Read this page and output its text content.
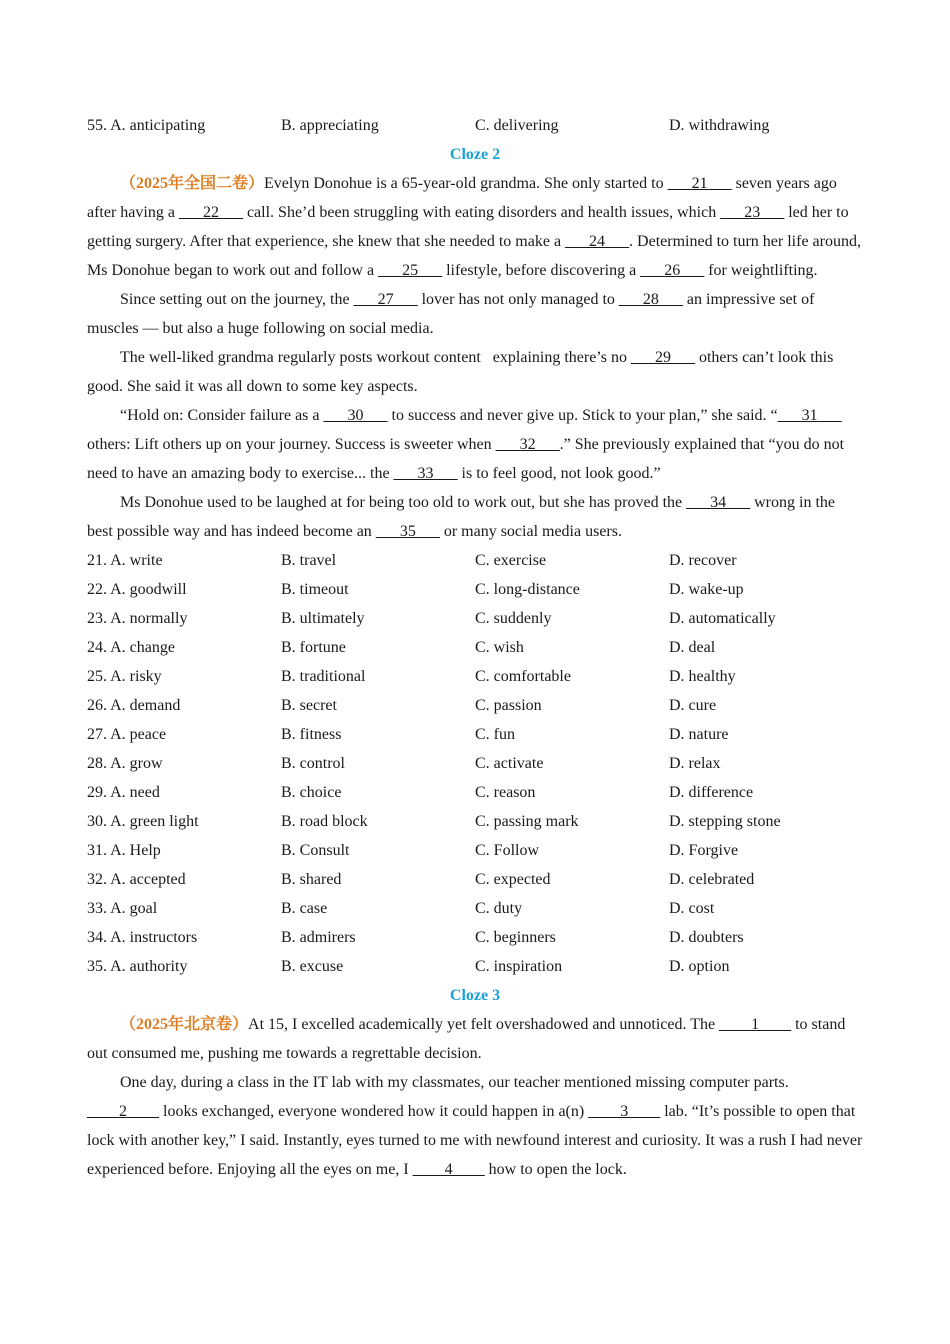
55. A. anticipating	B. appreciating	C. delivering	D. withdrawing
Cloze 2

（2025年全国二卷）Evelyn Donohue is a 65-year-old grandma. She only started to ___21___ seven years ago after having a ___22___ call. She’d been struggling with eating disorders and health issues, which ___23___ led her to getting surgery. After that experience, she knew that she needed to make a ___24___. Determined to turn her life around, Ms Donohue began to work out and follow a ___25___ lifestyle, before discovering a ___26___ for weightlifting.

Since setting out on the journey, the ___27___ lover has not only managed to ___28___ an impressive set of muscles — but also a huge following on social media.

The well-liked grandma regularly posts workout content   explaining there’s no ___29___ others can’t look this good. She said it was all down to some key aspects.

“Hold on: Consider failure as a ___30___ to success and never give up. Stick to your plan,” she said. “___31___ others: Lift others up on your journey. Success is sweeter when ___32___.” She previously explained that “you do not need to have an amazing body to exercise... the ___33___ is to feel good, not look good.”

Ms Donohue used to be laughed at for being too old to work out, but she has proved the ___34___ wrong in the best possible way and has indeed become an ___35___ or many social media users.

21. A. write	B. travel	C. exercise	D. recover
22. A. goodwill	B. timeout	C. long-distance	D. wake-up
23. A. normally	B. ultimately	C. suddenly	D. automatically
24. A. change	B. fortune	C. wish	D. deal
25. A. risky	B. traditional	C. comfortable	D. healthy
26. A. demand	B. secret	C. passion	D. cure
27. A. peace	B. fitness	C. fun	D. nature
28. A. grow	B. control	C. activate	D. relax
29. A. need	B. choice	C. reason	D. difference
30. A. green light	B. road block	C. passing mark	D. stepping stone
31. A. Help	B. Consult	C. Follow	D. Forgive
32. A. accepted	B. shared	C. expected	D. celebrated
33. A. goal	B. case	C. duty	D. cost
34. A. instructors	B. admirers	C. beginners	D. doubters
35. A. authority	B. excuse	C. inspiration	D. option
Cloze 3

（2025年北京卷）At 15, I excelled academically yet felt overshadowed and unnoticed. The ____1____ to stand out consumed me, pushing me towards a regrettable decision.

One day, during a class in the IT lab with my classmates, our teacher mentioned missing computer parts. ____2____ looks exchanged, everyone wondered how it could happen in a(n) ____3____ lab. “It’s possible to open that lock with another key,” I said. Instantly, eyes turned to me with newfound interest and curiosity. It was a rush I had never experienced before. Enjoying all the eyes on me, I ____4____ how to open the lock.
